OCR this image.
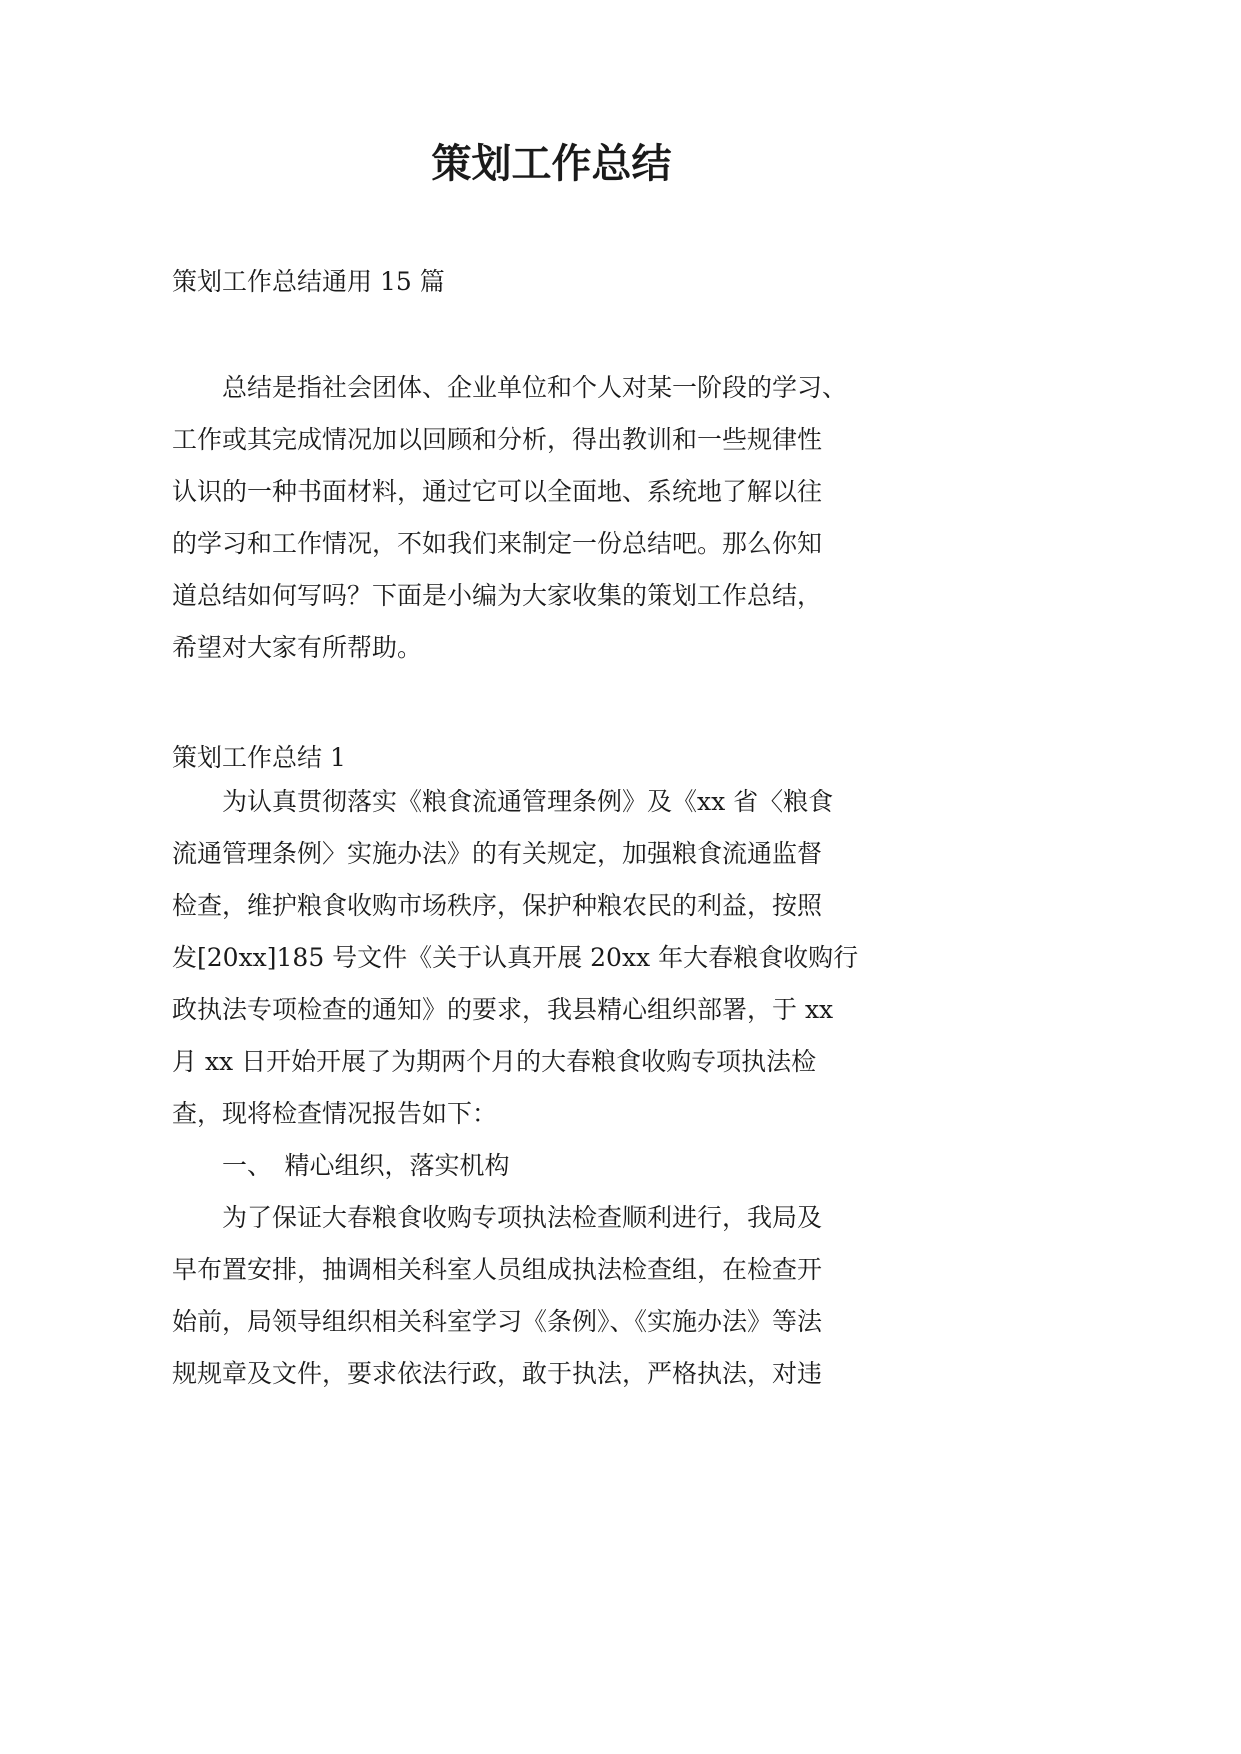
策划工作总结
策划工作总结通用 15 篇
　　总结是指社会团体、企业单位和个人对某一阶段的学习、
工作或其完成情况加以回顾和分析，得出教训和一些规律性
认识的一种书面材料，通过它可以全面地、系统地了解以往
的学习和工作情况，不如我们来制定一份总结吧。那么你知
道总结如何写吗？下面是小编为大家收集的策划工作总结，
希望对大家有所帮助。
策划工作总结 1
　　为认真贯彻落实《粮食流通管理条例》及《xx 省〈粮食
流通管理条例〉实施办法》的有关规定，加强粮食流通监督
检查，维护粮食收购市场秩序，保护种粮农民的利益，按照
发[20xx]185 号文件《关于认真开展 20xx 年大春粮食收购行
政执法专项检查的通知》的要求，我县精心组织部署，于 xx
月 xx 日开始开展了为期两个月的大春粮食收购专项执法检
查，现将检查情况报告如下：
　　一、　精心组织，落实机构
　　为了保证大春粮食收购专项执法检查顺利进行，我局及
早布置安排，抽调相关科室人员组成执法检查组，在检查开
始前，局领导组织相关科室学习《条例》、《实施办法》等法
规规章及文件，要求依法行政，敢于执法，严格执法，对违
